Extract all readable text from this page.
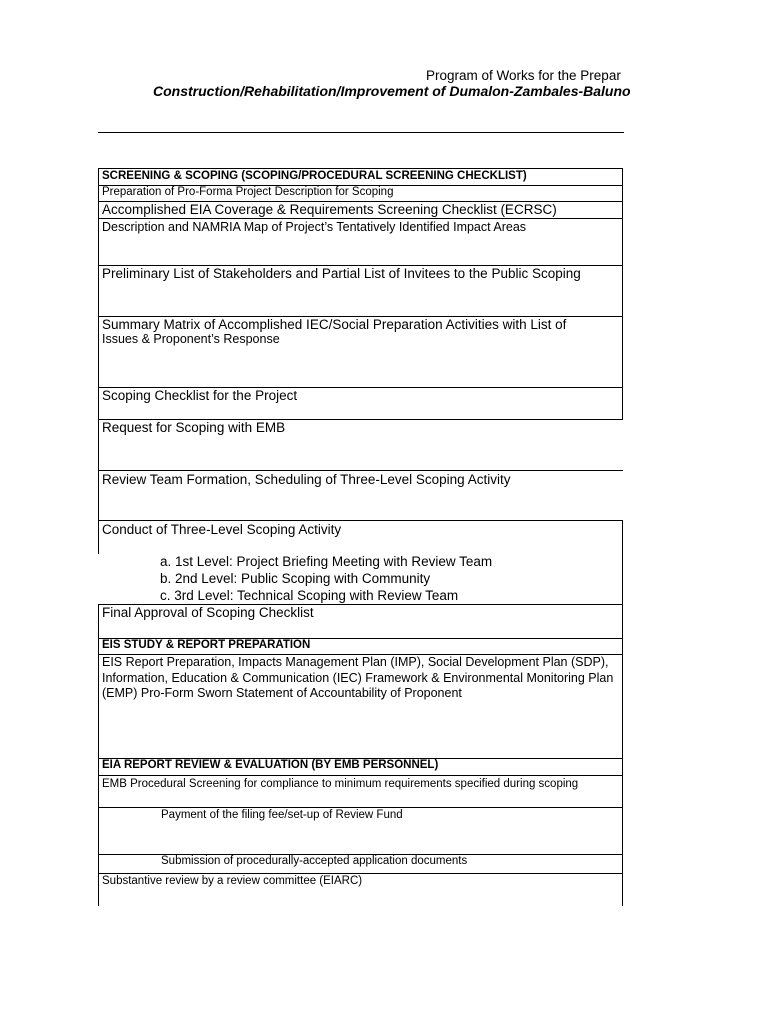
Program of Works for the Prepar
Construction/Rehabilitation/Improvement of Dumalon-Zambales-Baluno
SCREENING & SCOPING (SCOPING/PROCEDURAL SCREENING CHECKLIST)
Preparation of Pro-Forma Project Description for Scoping
Accomplished EIA Coverage & Requirements Screening Checklist (ECRSC)
Description and NAMRIA Map of Project’s Tentatively Identified Impact Areas
Preliminary List of Stakeholders and Partial List of Invitees to the Public Scoping
Summary Matrix of Accomplished IEC/Social Preparation Activities with List of
Issues & Proponent’s Response
Scoping Checklist for the Project
Request for Scoping with EMB
Review Team Formation, Scheduling of Three-Level Scoping Activity
Conduct of Three-Level Scoping Activity
a. 1st Level: Project Briefing Meeting with Review Team
b. 2nd Level: Public Scoping with Community
c. 3rd Level: Technical Scoping with Review Team
Final Approval of Scoping Checklist
EIS STUDY & REPORT PREPARATION
EIS Report Preparation, Impacts Management Plan (IMP), Social Development Plan (SDP), Information, Education & Communication (IEC) Framework & Environmental Monitoring Plan (EMP) Pro-Form Sworn Statement of Accountability of Proponent
EIA REPORT REVIEW & EVALUATION (BY EMB PERSONNEL)
EMB Procedural Screening for compliance to minimum requirements specified during scoping
Payment of the filing fee/set-up of Review Fund
Submission of procedurally-accepted application documents
Substantive review by a review committee (EIARC)
